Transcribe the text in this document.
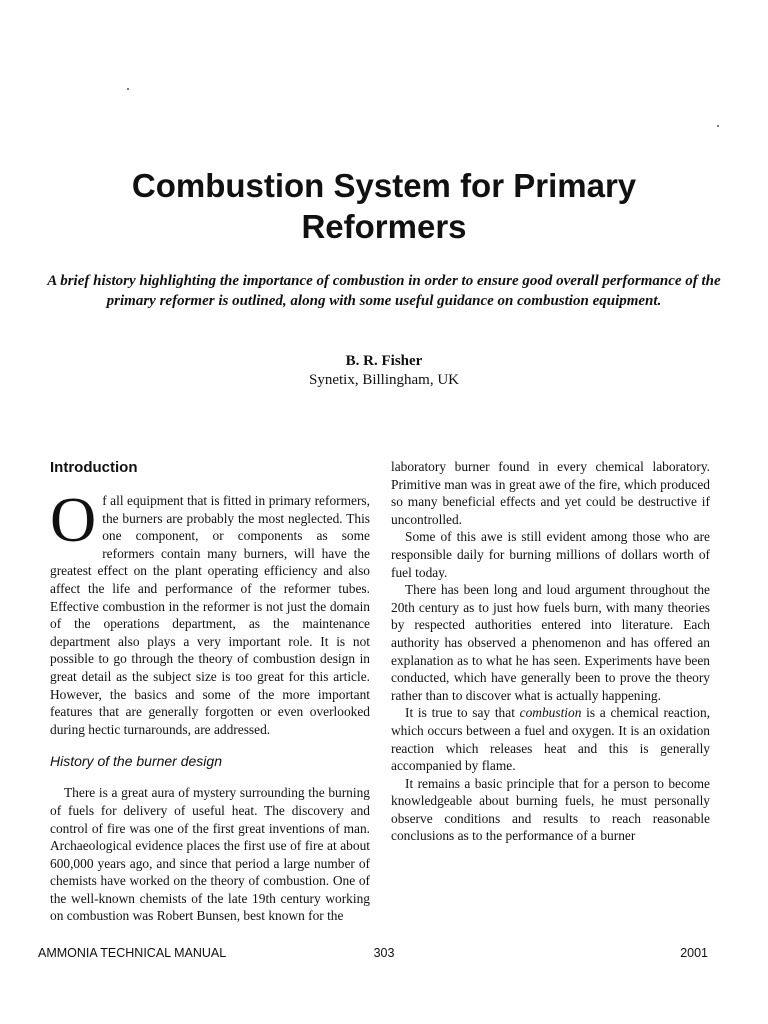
Combustion System for Primary Reformers
A brief history highlighting the importance of combustion in order to ensure good overall performance of the primary reformer is outlined, along with some useful guidance on combustion equipment.
B. R. Fisher
Synetix, Billingham, UK
Introduction

Of all equipment that is fitted in primary reformers, the burners are probably the most neglected. This one component, or components as some reformers contain many burners, will have the greatest effect on the plant operating efficiency and also affect the life and performance of the reformer tubes. Effective combustion in the reformer is not just the domain of the operations department, as the maintenance department also plays a very important role. It is not possible to go through the theory of combustion design in great detail as the subject size is too great for this article. However, the basics and some of the more important features that are generally forgotten or even overlooked during hectic turnarounds, are addressed.

History of the burner design

There is a great aura of mystery surrounding the burning of fuels for delivery of useful heat. The discovery and control of fire was one of the first great inventions of man. Archaeological evidence places the first use of fire at about 600,000 years ago, and since that period a large number of chemists have worked on the theory of combustion. One of the well-known chemists of the late 19th century working on combustion was Robert Bunsen, best known for the

laboratory burner found in every chemical laboratory. Primitive man was in great awe of the fire, which produced so many beneficial effects and yet could be destructive if uncontrolled.

Some of this awe is still evident among those who are responsible daily for burning millions of dollars worth of fuel today.

There has been long and loud argument throughout the 20th century as to just how fuels burn, with many theories by respected authorities entered into literature. Each authority has observed a phenomenon and has offered an explanation as to what he has seen. Experiments have been conducted, which have generally been to prove the theory rather than to discover what is actually happening.

It is true to say that combustion is a chemical reaction, which occurs between a fuel and oxygen. It is an oxidation reaction which releases heat and this is generally accompanied by flame.

It remains a basic principle that for a person to become knowledgeable about burning fuels, he must personally observe conditions and results to reach reasonable conclusions as to the performance of a burner

AMMONIA TECHNICAL MANUAL	303	2001
